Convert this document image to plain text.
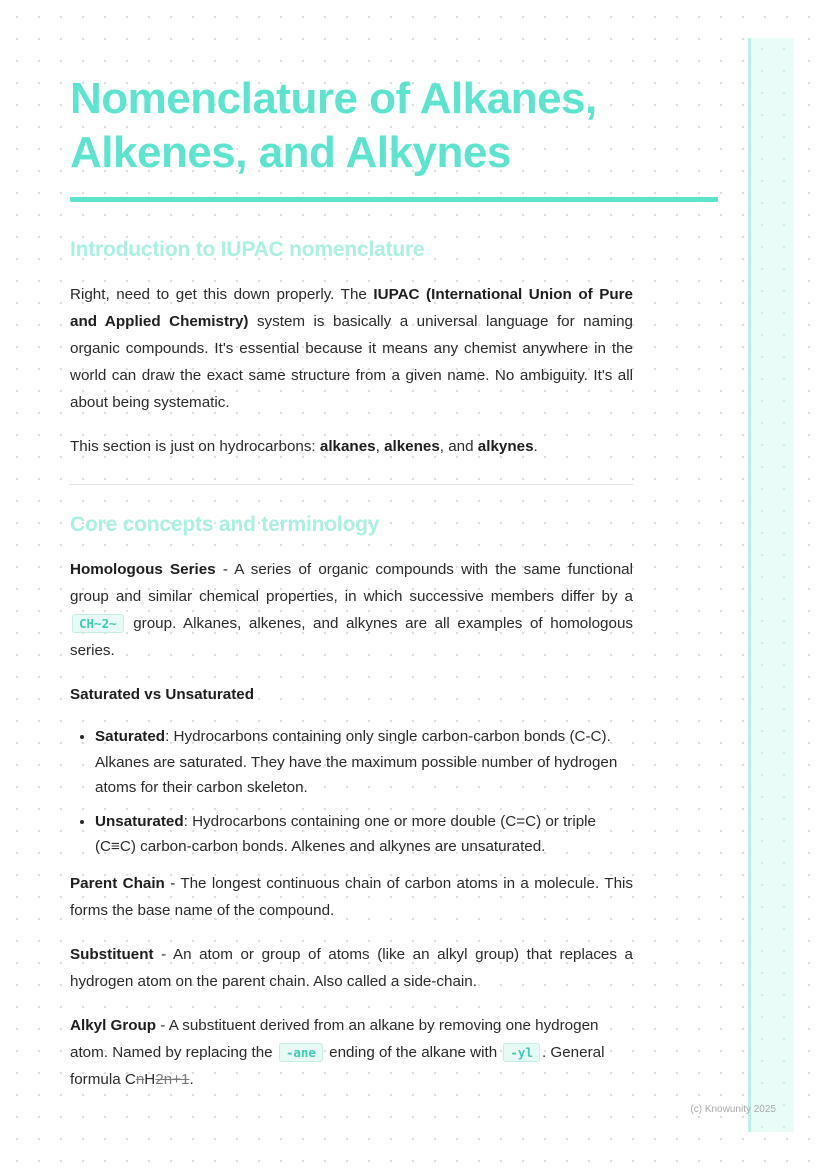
Nomenclature of Alkanes, Alkenes, and Alkynes
Introduction to IUPAC nomenclature

Right, need to get this down properly. The IUPAC (International Union of Pure and Applied Chemistry) system is basically a universal language for naming organic compounds. It's essential because it means any chemist anywhere in the world can draw the exact same structure from a given name. No ambiguity. It's all about being systematic.

This section is just on hydrocarbons: alkanes, alkenes, and alkynes.

Core concepts and terminology

Homologous Series - A series of organic compounds with the same functional group and similar chemical properties, in which successive members differ by a CH~2~ group. Alkanes, alkenes, and alkynes are all examples of homologous series.

Saturated vs Unsaturated
• Saturated: Hydrocarbons containing only single carbon-carbon bonds (C-C). Alkanes are saturated. They have the maximum possible number of hydrogen atoms for their carbon skeleton.
• Unsaturated: Hydrocarbons containing one or more double (C=C) or triple (C≡C) carbon-carbon bonds. Alkenes and alkynes are unsaturated.

Parent Chain - The longest continuous chain of carbon atoms in a molecule. This forms the base name of the compound.

Substituent - An atom or group of atoms (like an alkyl group) that replaces a hydrogen atom on the parent chain. Also called a side-chain.

Alkyl Group - A substituent derived from an alkane by removing one hydrogen atom. Named by replacing the -ane ending of the alkane with -yl . General formula CnH2n+1.

(c) Knowunity 2025
